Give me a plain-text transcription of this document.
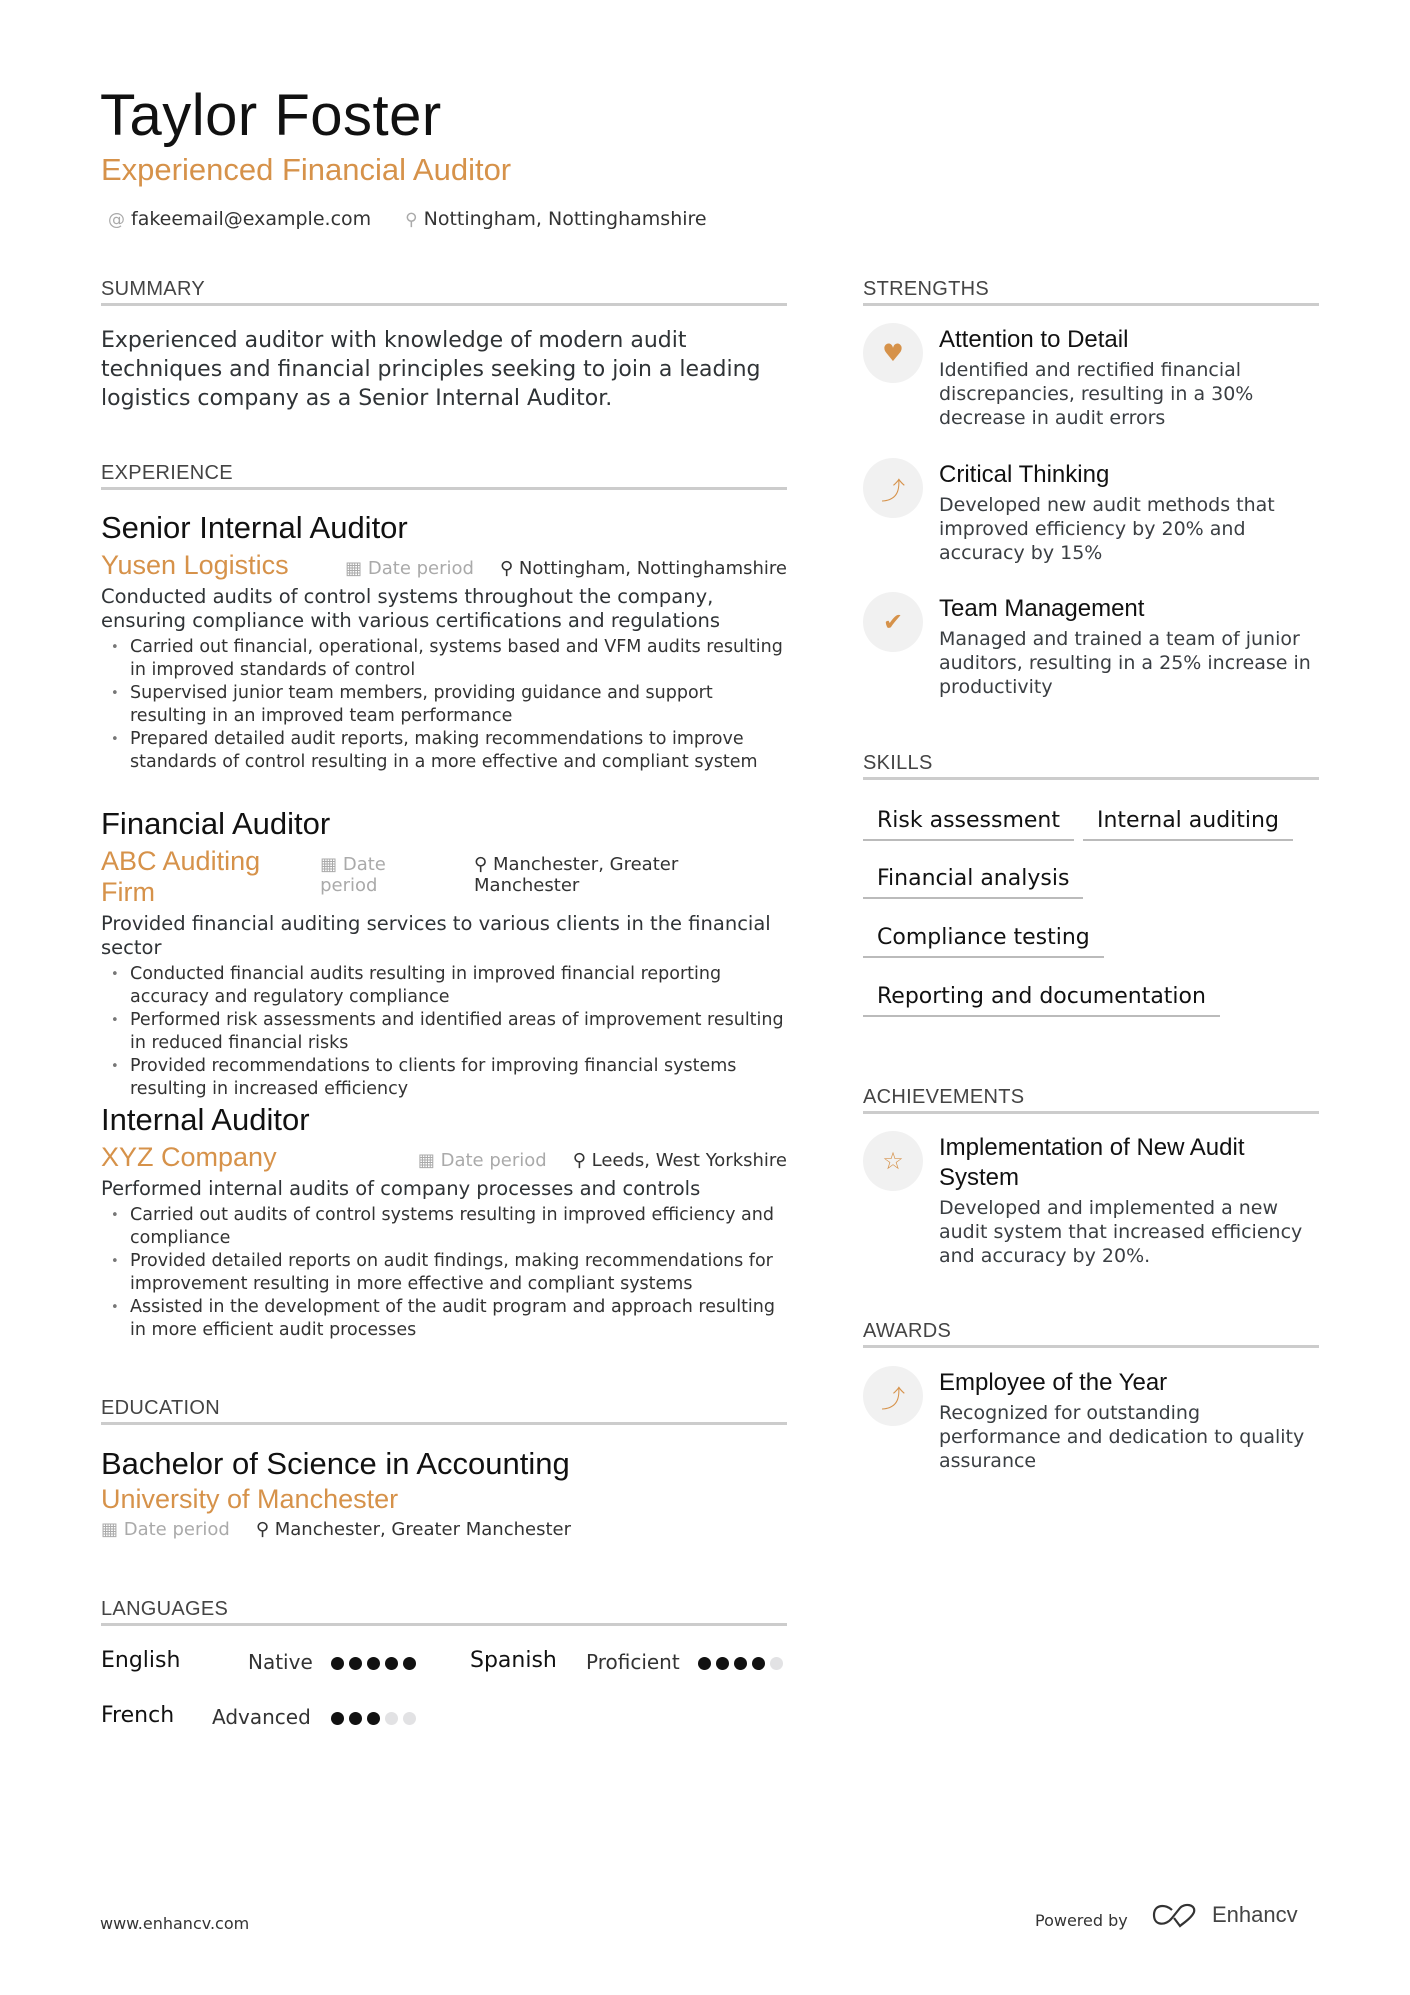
Taylor Foster
Experienced Financial Auditor
@ fakeemail@example.com ⚲ Nottingham, Nottinghamshire
SUMMARY
Experienced auditor with knowledge of modern audit techniques and financial principles seeking to join a leading logistics company as a Senior Internal Auditor.
EXPERIENCE
Senior Internal Auditor
Yusen Logistics	▦ Date period ⚲ Nottingham, Nottinghamshire
Conducted audits of control systems throughout the company, ensuring compliance with various certifications and regulations
• Carried out financial, operational, systems based and VFM audits resulting in improved standards of control
• Supervised junior team members, providing guidance and support resulting in an improved team performance
• Prepared detailed audit reports, making recommendations to improve standards of control resulting in a more effective and compliant system
Financial Auditor
ABC Auditing Firm
▦ Date period
⚲ Manchester, Greater Manchester
Provided financial auditing services to various clients in the financial sector
• Conducted financial audits resulting in improved financial reporting accuracy and regulatory compliance
• Performed risk assessments and identified areas of improvement resulting in reduced financial risks
• Provided recommendations to clients for improving financial systems resulting in increased efficiency
Internal Auditor
XYZ Company	▦ Date period ⚲ Leeds, West Yorkshire
Performed internal audits of company processes and controls
• Carried out audits of control systems resulting in improved efficiency and compliance
• Provided detailed reports on audit findings, making recommendations for improvement resulting in more effective and compliant systems
• Assisted in the development of the audit program and approach resulting in more efficient audit processes
EDUCATION
Bachelor of Science in Accounting
University of Manchester
▦ Date period ⚲ Manchester, Greater Manchester
LANGUAGES
English	Native	Spanish Proficient
French Advanced
STRENGTHS
♥	Attention to Detail

Identified and rectified financial discrepancies, resulting in a 30% decrease in audit errors

⤴
Critical Thinking

Developed new audit methods that improved efficiency by 20% and accuracy by 15%

✔	Team Management

Managed and trained a team of junior auditors, resulting in a 25% increase in productivity

SKILLS
Risk assessment	Internal auditing
Financial analysis
Compliance testing
Reporting and documentation
ACHIEVEMENTS
☆	Implementation of New Audit System

Developed and implemented a new audit system that increased efficiency and accuracy by 20%.

AWARDS
⤴
Employee of the Year

Recognized for outstanding performance and dedication to quality assurance

www.enhancv.com	Powered by	Enhancv
